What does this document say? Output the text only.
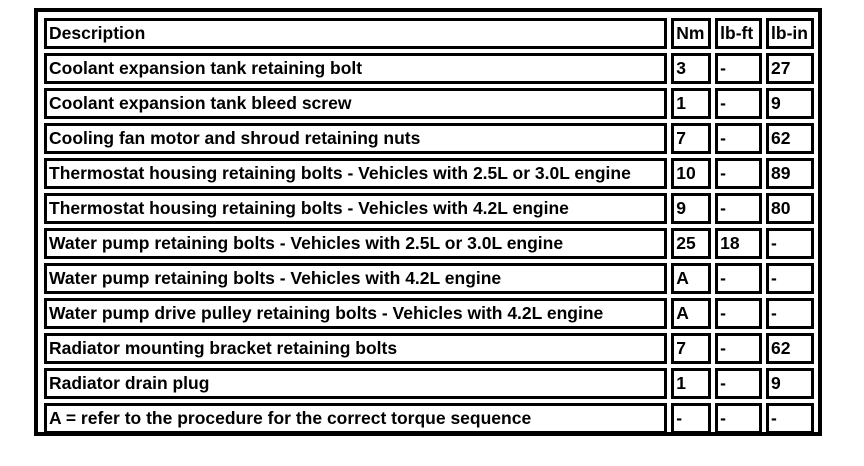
Description	Nm	lb-ft	lb-in
Coolant expansion tank retaining bolt	3	-	27
Coolant expansion tank bleed screw	1	-	9
Cooling fan motor and shroud retaining nuts	7	-	62
Thermostat housing retaining bolts - Vehicles with 2.5L or 3.0L engine	10	-	89
Thermostat housing retaining bolts - Vehicles with 4.2L engine	9	-	80
Water pump retaining bolts - Vehicles with 2.5L or 3.0L engine	25	18	-
Water pump retaining bolts - Vehicles with 4.2L engine	A	-	-
Water pump drive pulley retaining bolts - Vehicles with 4.2L engine	A	-	-
Radiator mounting bracket retaining bolts	7	-	62
Radiator drain plug	1	-	9
A = refer to the procedure for the correct torque sequence	-	-	-
